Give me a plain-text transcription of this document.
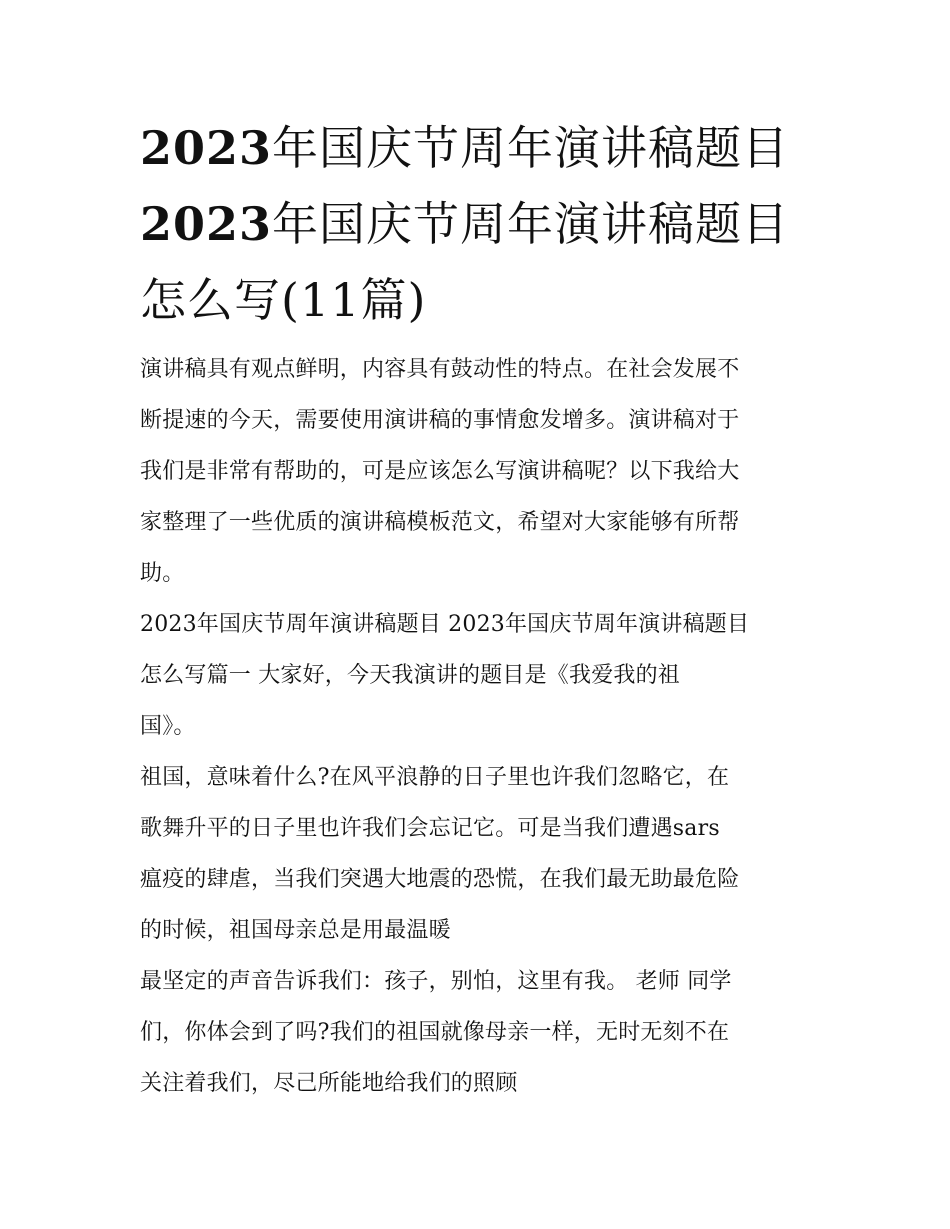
2023年国庆节周年演讲稿题目
2023年国庆节周年演讲稿题目
怎么写(11篇)

演讲稿具有观点鲜明，内容具有鼓动性的特点。在社会发展不
断提速的今天，需要使用演讲稿的事情愈发增多。演讲稿对于
我们是非常有帮助的，可是应该怎么写演讲稿呢？以下我给大
家整理了一些优质的演讲稿模板范文，希望对大家能够有所帮
助。

2023年国庆节周年演讲稿题目 2023年国庆节周年演讲稿题目
怎么写篇一 大家好，今天我演讲的题目是《我爱我的祖
国》。

祖国，意味着什么?在风平浪静的日子里也许我们忽略它，在
歌舞升平的日子里也许我们会忘记它。可是当我们遭遇sars
瘟疫的肆虐，当我们突遇大地震的恐慌，在我们最无助最危险
的时候，祖国母亲总是用最温暖

最坚定的声音告诉我们：孩子，别怕，这里有我。 老师 同学
们，你体会到了吗?我们的祖国就像母亲一样，无时无刻不在
关注着我们，尽己所能地给我们的照顾
